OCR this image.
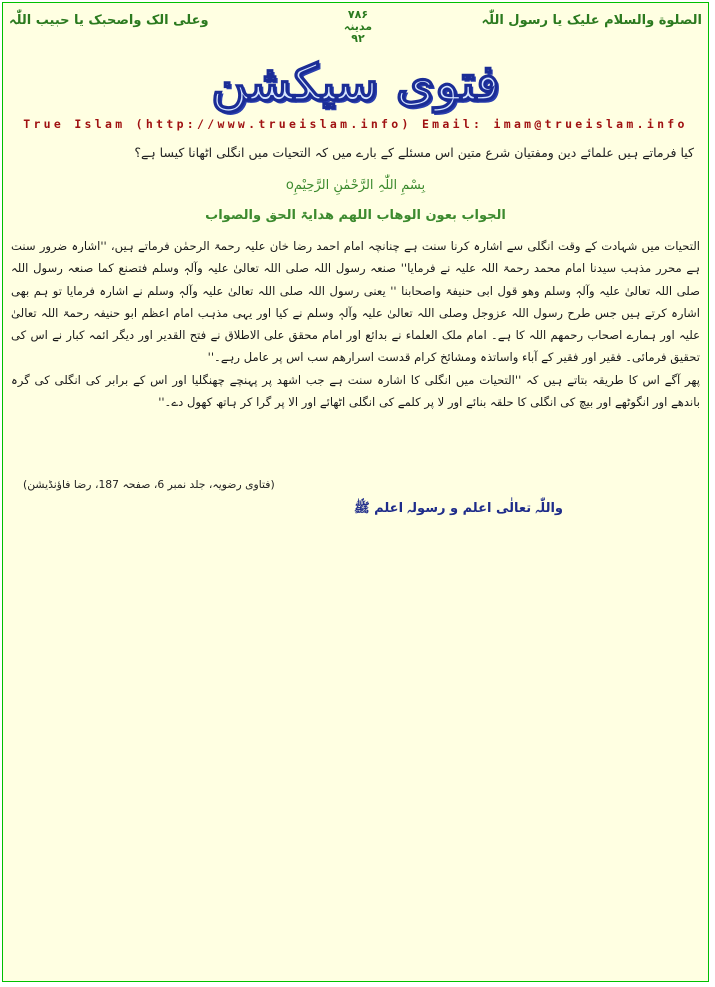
الصلوة والسلام علیک یا رسول اللّٰہ
۷۸۶
مدینہ
۹۲
وعلی الک واصحبک یا حبیب اللّٰہ
فتوی سیکشن
True Islam (http://www.trueislam.info) Email: imam@trueislam.info
کیا فرماتے ہیں علمائے دین ومفتیان شرع متین اس مسئلے کے بارے میں کہ التحیات میں انگلی اٹھانا کیسا ہے؟
بِسْمِ اللّٰہِ الرَّحْمٰنِ الرَّحِیْمِo
الجواب بعون الوھاب اللھم ھدایۃ الحق والصواب

التحیات میں شہادت کے وقت انگلی سے اشارہ کرنا سنت ہے چنانچہ امام احمد رضا خان علیہ رحمۃ الرحمٰن فرماتے ہیں، ''اشارہ ضرور سنت ہے محرر مذہب سیدنا امام محمد رحمۃ اللہ علیہ نے فرمایا'' صنعہ رسول اللہ صلی اللہ تعالیٰ علیہ وآلہٖ وسلم فتصنع کما صنعہ رسول اللہ صلی اللہ تعالیٰ علیہ وآلہٖ وسلم وھو قول ابی حنیفۃ واصحابنا '' یعنی رسول اللہ صلی اللہ تعالیٰ علیہ وآلہٖ وسلم نے اشارہ فرمایا تو ہم بھی اشارہ کرتے ہیں جس طرح رسول اللہ عزوجل وصلی اللہ تعالیٰ علیہ وآلہٖ وسلم نے کیا اور یہی مذہب امام اعظم ابو حنیفہ رحمۃ اللہ تعالیٰ علیہ اور ہمارے اصحاب رحمھم اللہ کا ہے۔ امام ملک العلماء نے بدائع اور امام محقق علی الاطلاق نے فتح القدیر اور دیگر ائمہ کبار نے اس کی تحقیق فرمائی۔ فقیر اور فقیر کے آباء واساتذہ ومشائخ کرام قدست اسرارھم سب اس پر عامل رہے۔''

پھر آگے اس کا طریقہ بتاتے ہیں کہ ''التحیات میں انگلی کا اشارہ سنت ہے جب اشھد پر پہنچے چھنگلیا اور اس کے برابر کی انگلی کی گرہ باندھے اور انگوٹھے اور بیچ کی انگلی کا حلقہ بنائے اور لا پر کلمے کی انگلی اٹھائے اور الا پر گرا کر ہاتھ کھول دے۔''

(فتاوی رضویہ، جلد نمبر 6، صفحہ 187، رضا فاؤنڈیشن)
واللّٰہ تعالٰی اعلم و رسولہ اعلم ﷺ
